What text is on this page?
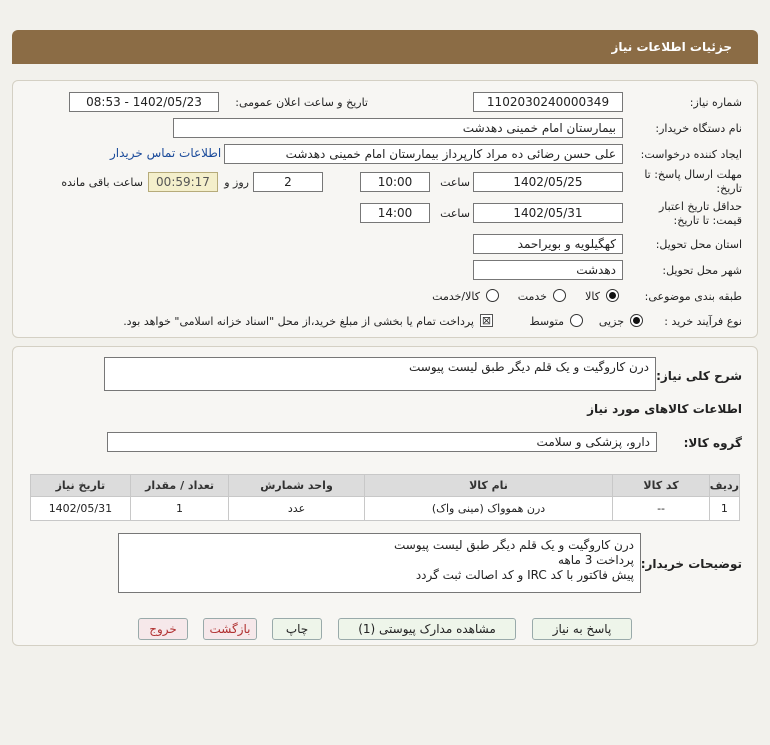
جزئیات اطلاعات نیاز
شماره نیاز:
1102030240000349
تاریخ و ساعت اعلان عمومی:
1402/05/23 - 08:53
نام دستگاه خریدار:
بیمارستان امام خمینی دهدشت
ایجاد کننده درخواست:
علی حسن رضائی ده مراد کارپرداز بیمارستان امام خمینی دهدشت
اطلاعات تماس خریدار
مهلت ارسال پاسخ: تا
تاریخ:
1402/05/25
ساعت
10:00
2
روز و
00:59:17
ساعت باقی مانده
حداقل تاریخ اعتبار
قیمت: تا تاریخ:
1402/05/31
ساعت
14:00
استان محل تحویل:
کهگیلویه و بویراحمد
شهر محل تحویل:
دهدشت
طبقه بندی موضوعی:
کالا
خدمت
کالا/خدمت
نوع فرآیند خرید :
جزیی
متوسط
⊠
پرداخت تمام یا بخشی از مبلغ خرید،از محل "اسناد خزانه اسلامی" خواهد بود.
شرح کلی نیاز:
درن کاروگیت و یک قلم دیگر طبق لیست پیوست
اطلاعات کالاهای مورد نیاز
گروه کالا:
دارو، پزشکی و سلامت
ردیف	کد کالا	نام کالا	واحد شمارش	تعداد / مقدار	تاریخ نیاز
1	--	درن هموواک (مینی واک)	عدد	1	1402/05/31
توضیحات خریدار:
درن کاروگیت و یک قلم دیگر طبق لیست پیوست
پرداخت 3 ماهه
پیش فاکتور با کد IRC و کد اصالت ثبت گردد
پاسخ به نیاز
مشاهده مدارک پیوستی (1)
چاپ
بازگشت
خروج
